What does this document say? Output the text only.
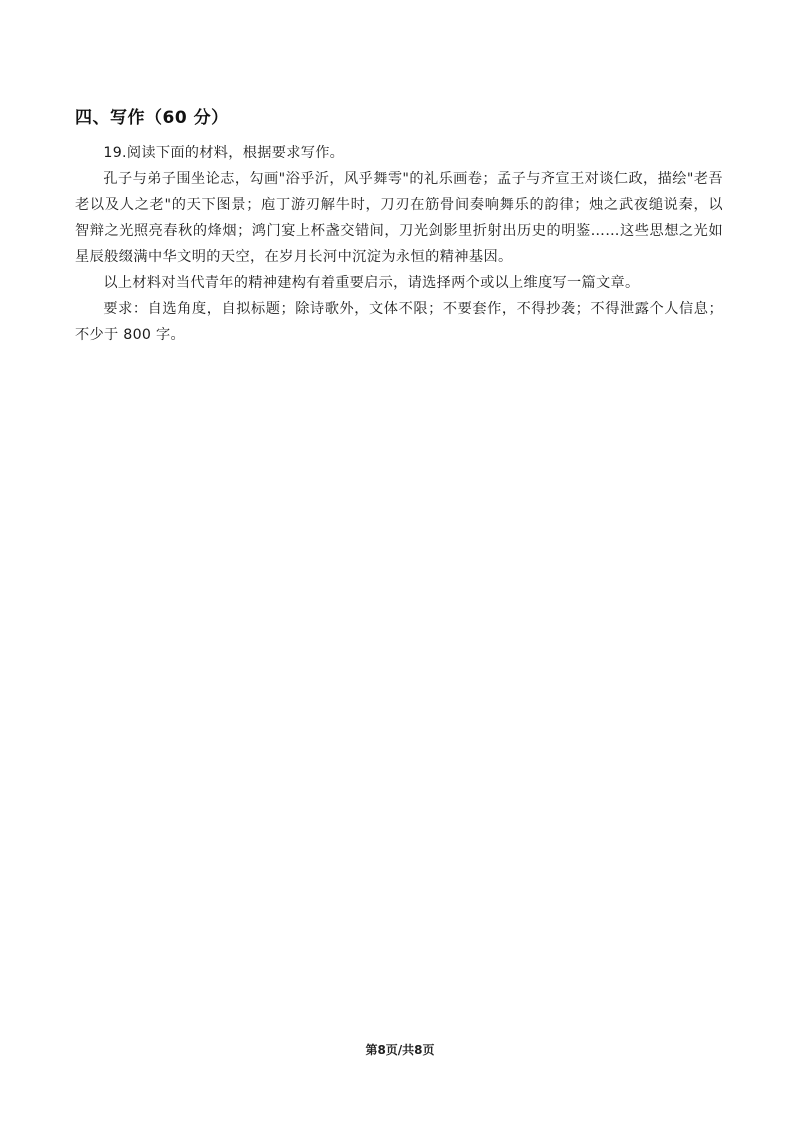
四、写作（60 分）

19.阅读下面的材料，根据要求写作。

孔子与弟子围坐论志，勾画"浴乎沂，风乎舞雩"的礼乐画卷；孟子与齐宣王对谈仁政，描绘"老吾老以及人之老"的天下图景；庖丁游刃解牛时，刀刃在筋骨间奏响舞乐的韵律；烛之武夜缒说秦，以智辩之光照亮春秋的烽烟；鸿门宴上杯盏交错间，刀光剑影里折射出历史的明鉴……这些思想之光如星辰般缀满中华文明的天空，在岁月长河中沉淀为永恒的精神基因。

以上材料对当代青年的精神建构有着重要启示，请选择两个或以上维度写一篇文章。

要求：自选角度，自拟标题；除诗歌外，文体不限；不要套作，不得抄袭；不得泄露个人信息；不少于 800 字。

第8页/共8页
